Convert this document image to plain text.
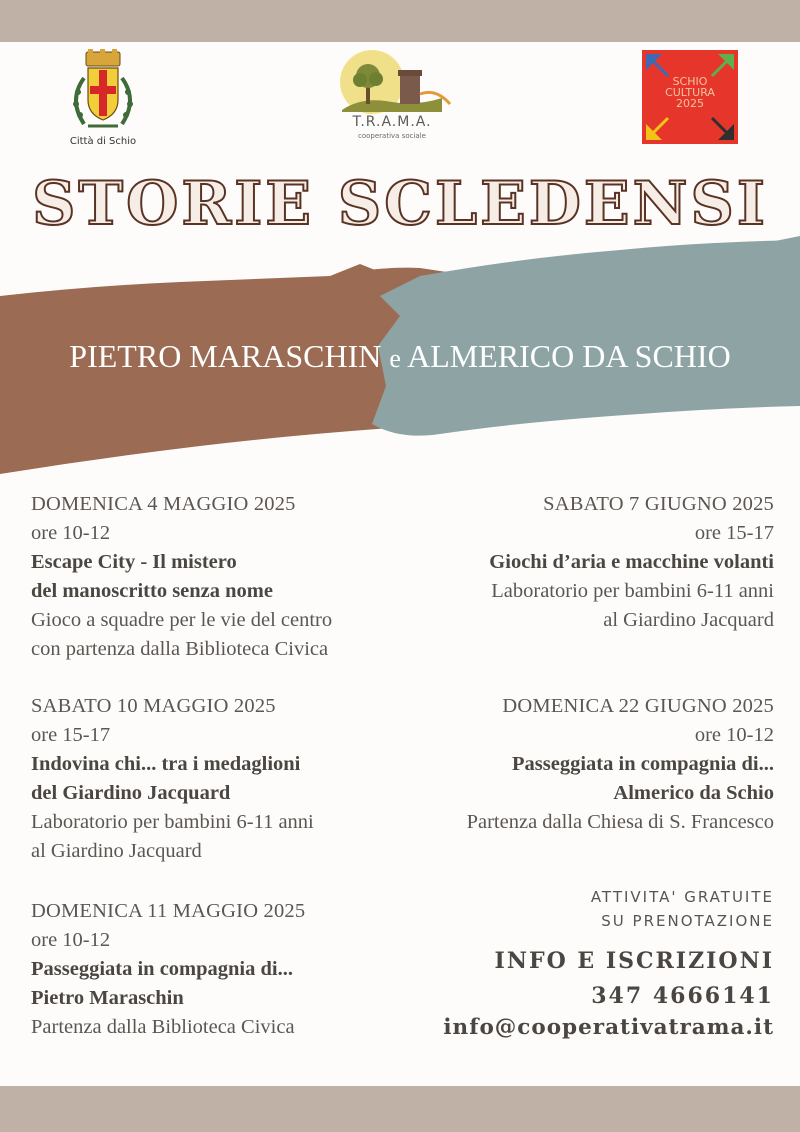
Città di Schio
T.R.A.M.A.
cooperativa sociale
SCHIO
CULTURA
2025
STORIE SCLEDENSI
PIETRO MARASCHIN e ALMERICO DA SCHIO
DOMENICA 4 MAGGIO 2025
ore 10-12
Escape City - Il mistero
del manoscritto senza nome
Gioco a squadre per le vie del centro
con partenza dalla Biblioteca Civica
SABATO 10 MAGGIO 2025
ore 15-17
Indovina chi... tra i medaglioni
del Giardino Jacquard
Laboratorio per bambini 6-11 anni
al Giardino Jacquard
DOMENICA 11 MAGGIO 2025
ore 10-12
Passeggiata in compagnia di...
Pietro Maraschin
Partenza dalla Biblioteca Civica
SABATO 7 GIUGNO 2025
ore 15-17
Giochi d’aria e macchine volanti
Laboratorio per bambini 6-11 anni
al Giardino Jacquard
DOMENICA 22 GIUGNO 2025
ore 10-12
Passeggiata in compagnia di...
Almerico da Schio
Partenza dalla Chiesa di S. Francesco
ATTIVITA' GRATUITE
SU PRENOTAZIONE
INFO E ISCRIZIONI
347 4666141
info@cooperativatrama.it
